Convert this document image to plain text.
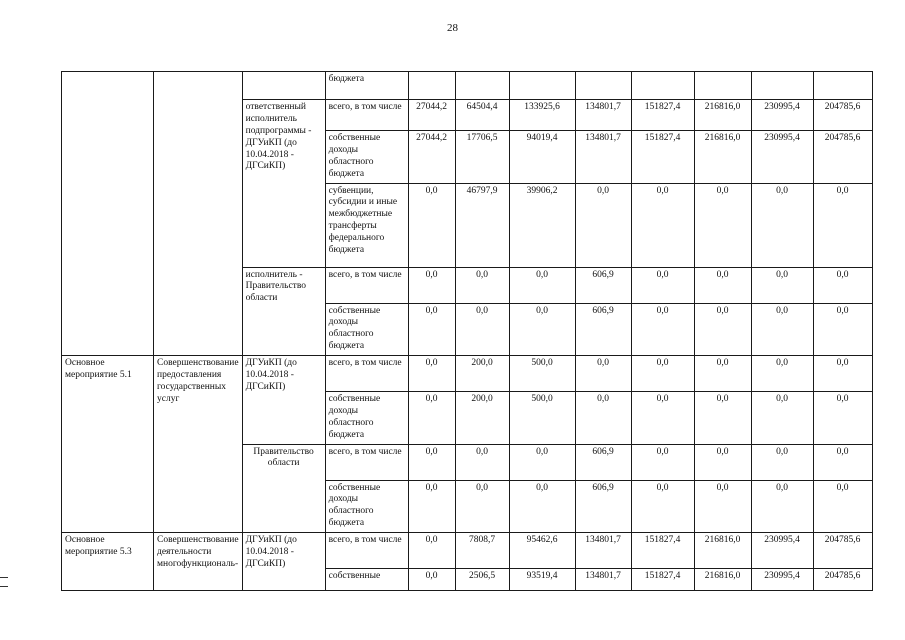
28
			бюджета								
		ответственный исполнитель подпрограммы - ДГУиКП (до 10.04.2018 - ДГСиКП)	всего, в том числе	27044,2	64504,4	133925,6	134801,7	151827,4	216816,0	230995,4	204785,6
			собственные доходы областного бюджета	27044,2	17706,5	94019,4	134801,7	151827,4	216816,0	230995,4	204785,6
			субвенции, субсидии и иные межбюджетные трансферты федерального бюджета	0,0	46797,9	39906,2	0,0	0,0	0,0	0,0	0,0
		исполнитель - Правительство области	всего, в том числе	0,0	0,0	0,0	606,9	0,0	0,0	0,0	0,0
			собственные доходы областного бюджета	0,0	0,0	0,0	606,9	0,0	0,0	0,0	0,0
Основное мероприятие 5.1	Совершенствование предоставления государственных услуг	ДГУиКП (до 10.04.2018 - ДГСиКП)	всего, в том числе	0,0	200,0	500,0	0,0	0,0	0,0	0,0	0,0
			собственные доходы областного бюджета	0,0	200,0	500,0	0,0	0,0	0,0	0,0	0,0
		Правительство области	всего, в том числе	0,0	0,0	0,0	606,9	0,0	0,0	0,0	0,0
			собственные доходы областного бюджета	0,0	0,0	0,0	606,9	0,0	0,0	0,0	0,0
Основное мероприятие 5.3	Совершенствование деятельности многофункциональ-	ДГУиКП (до 10.04.2018 - ДГСиКП)	всего, в том числе	0,0	7808,7	95462,6	134801,7	151827,4	216816,0	230995,4	204785,6
			собственные	0,0	2506,5	93519,4	134801,7	151827,4	216816,0	230995,4	204785,6
